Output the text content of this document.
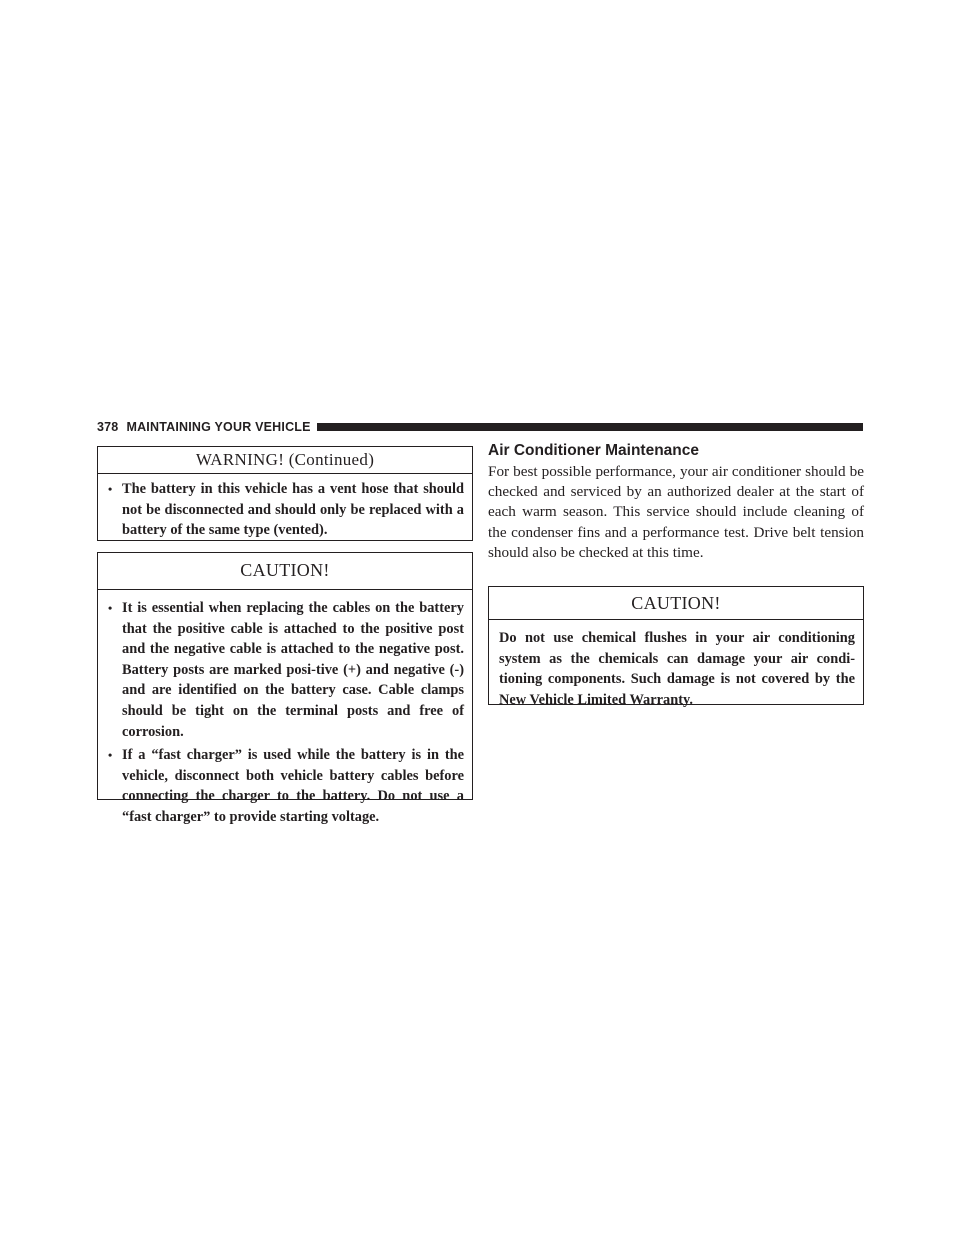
378 MAINTAINING YOUR VEHICLE
WARNING! (Continued)
• The battery in this vehicle has a vent hose that should not be disconnected and should only be replaced with a battery of the same type (vented).
CAUTION!
• It is essential when replacing the cables on the battery that the positive cable is attached to the positive post and the negative cable is attached to the negative post. Battery posts are marked posi-tive (+) and negative (-) and are identified on the battery case. Cable clamps should be tight on the terminal posts and free of corrosion.
• If a “fast charger” is used while the battery is in the vehicle, disconnect both vehicle battery cables before connecting the charger to the battery. Do not use a “fast charger” to provide starting voltage.
Air Conditioner Maintenance
For best possible performance, your air conditioner should be checked and serviced by an authorized dealer at the start of each warm season. This service should include cleaning of the condenser fins and a performance test. Drive belt tension should also be checked at this time.
CAUTION!
Do not use chemical flushes in your air conditioning system as the chemicals can damage your air condi-tioning components. Such damage is not covered by the New Vehicle Limited Warranty.
